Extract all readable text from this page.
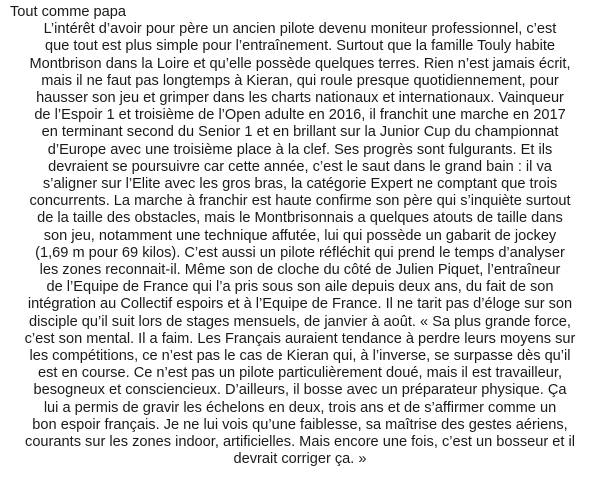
Tout comme papa
L’intérêt d’avoir pour père un ancien pilote devenu moniteur professionnel, c’est
que tout est plus simple pour l’entraînement. Surtout que la famille Touly habite
Montbrison dans la Loire et qu’elle possède quelques terres. Rien n’est jamais écrit,
mais il ne faut pas longtemps à Kieran, qui roule presque quotidiennement, pour
hausser son jeu et grimper dans les charts nationaux et internationaux. Vainqueur
de l’Espoir 1 et troisième de l’Open adulte en 2016, il franchit une marche en 2017
en terminant second du Senior 1 et en brillant sur la Junior Cup du championnat
d’Europe avec une troisième place à la clef. Ses progrès sont fulgurants. Et ils
devraient se poursuivre car cette année, c’est le saut dans le grand bain : il va
s’aligner sur l’Elite avec les gros bras, la catégorie Expert ne comptant que trois
concurrents. La marche à franchir est haute confirme son père qui s’inquiète surtout
de la taille des obstacles, mais le Montbrisonnais a quelques atouts de taille dans
son jeu, notamment une technique affutée, lui qui possède un gabarit de jockey
(1,69 m pour 69 kilos). C’est aussi un pilote réfléchit qui prend le temps d’analyser
les zones reconnait-il. Même son de cloche du côté de Julien Piquet, l’entraîneur
de l’Equipe de France qui l’a pris sous son aile depuis deux ans, du fait de son
intégration au Collectif espoirs et à l’Equipe de France. Il ne tarit pas d’éloge sur son
disciple qu’il suit lors de stages mensuels, de janvier à août. « Sa plus grande force,
c’est son mental. Il a faim. Les Français auraient tendance à perdre leurs moyens sur
les compétitions, ce n’est pas le cas de Kieran qui, à l’inverse, se surpasse dès qu’il
est en course. Ce n’est pas un pilote particulièrement doué, mais il est travailleur,
besogneux et consciencieux. D’ailleurs, il bosse avec un préparateur physique. Ça
lui a permis de gravir les échelons en deux, trois ans et de s’affirmer comme un
bon espoir français. Je ne lui vois qu’une faiblesse, sa maîtrise des gestes aériens,
courants sur les zones indoor, artificielles. Mais encore une fois, c’est un bosseur et il
devrait corriger ça. »
